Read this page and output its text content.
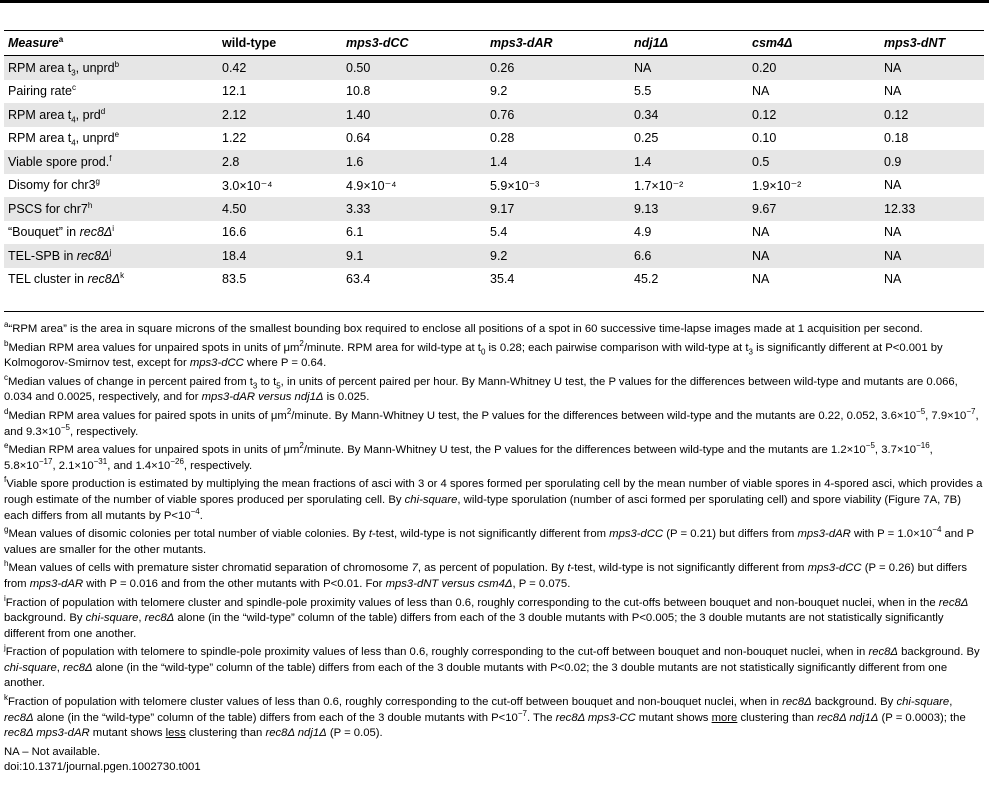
Measure$^a$	wild-type	mps3-dCC	mps3-dAR	ndj1Δ	csm4Δ	mps3-dNT
RPM area $t_3$, unprd$^b$	0.42	0.50	0.26	NA	0.20	NA
Pairing rate$^c$	12.1	10.8	9.2	5.5	NA	NA
RPM area $t_4$, prd$^d$	2.12	1.40	0.76	0.34	0.12	0.12
RPM area $t_4$, unprd$^e$	1.22	0.64	0.28	0.25	0.10	0.18
Viable spore prod.$^f$	2.8	1.6	1.4	1.4	0.5	0.9
Disomy for chr3$^g$	3.0×10⁻⁴	4.9×10⁻⁴	5.9×10⁻³	1.7×10⁻²	1.9×10⁻²	NA
PSCS for chr7$^h$	4.50	3.33	9.17	9.13	9.67	12.33
“Bouquet” in $rec8\Delta^i$	16.6	6.1	5.4	4.9	NA	NA
TEL-SPB in $rec8\Delta^j$	18.4	9.1	9.2	6.6	NA	NA
TEL cluster in $rec8\Delta^k$	83.5	63.4	35.4	45.2	NA	NA

$^a$“RPM area” is the area in square microns of the smallest bounding box required to enclose all positions of a spot in 60 successive time-lapse images made at 1 acquisition per second.

$^b$Median RPM area values for unpaired spots in units of $\mu m^2$/minute. RPM area for wild-type at $t_0$ is 0.28; each pairwise comparison with wild-type at $t_3$ is significantly different at P<0.001 by Kolmogorov-Smirnov test, except for mps3-dCC where P = 0.64.

$^c$Median values of change in percent paired from $t_3$ to $t_5$, in units of percent paired per hour. By Mann-Whitney U test, the P values for the differences between wild-type and mutants are 0.066, 0.034 and 0.0025, respectively, and for mps3-dAR versus ndj1Δ is 0.025.

$^d$Median RPM area values for paired spots in units of $\mu m^2$/minute. By Mann-Whitney U test, the P values for the differences between wild-type and the mutants are 0.22, 0.052, $3.6\times 10^{-5}$, $7.9\times 10^{-7}$, and $9.3\times 10^{-5}$, respectively.

$^e$Median RPM area values for unpaired spots in units of $\mu m^2$/minute. By Mann-Whitney U test, the P values for the differences between wild-type and the mutants are $1.2\times 10^{-5}$, $3.7\times 10^{-16}$, $5.8\times 10^{-17}$, $2.1\times 10^{-31}$, and $1.4\times 10^{-26}$, respectively.

$^f$Viable spore production is estimated by multiplying the mean fractions of asci with 3 or 4 spores formed per sporulating cell by the mean number of viable spores in 4-spored asci, which provides a rough estimate of the number of viable spores produced per sporulating cell. By chi-square, wild-type sporulation (number of asci formed per sporulating cell) and spore viability (Figure 7A, 7B) each differs from all mutants by $P<10^{-4}$.

$^g$Mean values of disomic colonies per total number of viable colonies. By t-test, wild-type is not significantly different from mps3-dCC (P = 0.21) but differs from mps3-dAR with $P = 1.0\times 10^{-4}$ and P values are smaller for the other mutants.

$^h$Mean values of cells with premature sister chromatid separation of chromosome 7, as percent of population. By t-test, wild-type is not significantly different from mps3-dCC (P = 0.26) but differs from mps3-dAR with P = 0.016 and from the other mutants with P<0.01. For mps3-dNT versus csm4Δ, P = 0.075.

$^i$Fraction of population with telomere cluster and spindle-pole proximity values of less than 0.6, roughly corresponding to the cut-offs between bouquet and non-bouquet nuclei, when in the rec8Δ background. By chi-square, rec8Δ alone (in the “wild-type” column of the table) differs from each of the 3 double mutants with P<0.005; the 3 double mutants are not statistically significantly different from one another.

$^j$Fraction of population with telomere to spindle-pole proximity values of less than 0.6, roughly corresponding to the cut-off between bouquet and non-bouquet nuclei, when in rec8Δ background. By chi-square, rec8Δ alone (in the “wild-type” column of the table) differs from each of the 3 double mutants with P<0.02; the 3 double mutants are not statistically significantly different from one another.

$^k$Fraction of population with telomere cluster values of less than 0.6, roughly corresponding to the cut-off between bouquet and non-bouquet nuclei, when in rec8Δ background. By chi-square, rec8Δ alone (in the “wild-type” column of the table) differs from each of the 3 double mutants with $P<10^{-7}$. The rec8Δ mps3-CC mutant shows more clustering than rec8Δ ndj1Δ (P = 0.0003); the rec8Δ mps3-dAR mutant shows less clustering than rec8Δ ndj1Δ (P = 0.05).

NA – Not available.

doi:10.1371/journal.pgen.1002730.t001
